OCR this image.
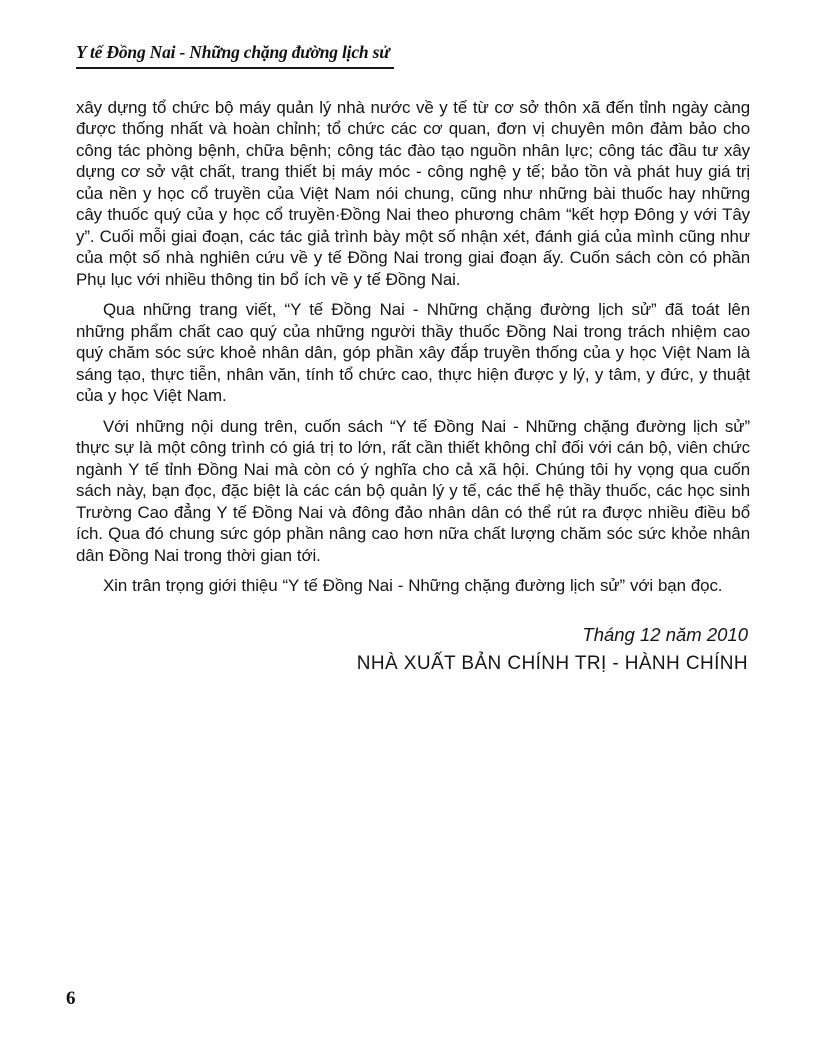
Y tế Đồng Nai - Những chặng đường lịch sử

xây dựng tổ chức bộ máy quản lý nhà nước về y tế từ cơ sở thôn xã đến tỉnh ngày càng được thống nhất và hoàn chỉnh; tổ chức các cơ quan, đơn vị chuyên môn đảm bảo cho công tác phòng bệnh, chữa bệnh; công tác đào tạo nguồn nhân lực; công tác đầu tư xây dựng cơ sở vật chất, trang thiết bị máy móc - công nghệ y tế; bảo tồn và phát huy giá trị của nền y học cổ truyền của Việt Nam nói chung, cũng như những bài thuốc hay những cây thuốc quý của y học cổ truyền·Đồng Nai theo phương châm “kết hợp Đông y với Tây y”. Cuối mỗi giai đoạn, các tác giả trình bày một số nhận xét, đánh giá của mình cũng như của một số nhà nghiên cứu về y tế Đồng Nai trong giai đoạn ấy. Cuốn sách còn có phần Phụ lục với nhiều thông tin bổ ích về y tế Đồng Nai.

Qua những trang viết, “Y tế Đồng Nai - Những chặng đường lịch sử” đã toát lên những phẩm chất cao quý của những người thầy thuốc Đồng Nai trong trách nhiệm cao quý chăm sóc sức khoẻ nhân dân, góp phần xây đắp truyền thống của y học Việt Nam là sáng tạo, thực tiễn, nhân văn, tính tổ chức cao, thực hiện được y lý, y tâm, y đức, y thuật của y học Việt Nam.

Với những nội dung trên, cuốn sách “Y tế Đồng Nai - Những chặng đường lịch sử” thực sự là một công trình có giá trị to lớn, rất cần thiết không chỉ đối với cán bộ, viên chức ngành Y tế tỉnh Đồng Nai mà còn có ý nghĩa cho cả xã hội. Chúng tôi hy vọng qua cuốn sách này, bạn đọc, đặc biệt là các cán bộ quản lý y tế, các thế hệ thầy thuốc, các học sinh Trường Cao đẳng Y tế Đồng Nai và đông đảo nhân dân có thể rút ra được nhiều điều bổ ích. Qua đó chung sức góp phần nâng cao hơn nữa chất lượng chăm sóc sức khỏe nhân dân Đồng Nai trong thời gian tới.

Xin trân trọng giới thiệu “Y tế Đồng Nai - Những chặng đường lịch sử” với bạn đọc.

Tháng 12 năm 2010
NHÀ XUẤT BẢN CHÍNH TRỊ - HÀNH CHÍNH
6
